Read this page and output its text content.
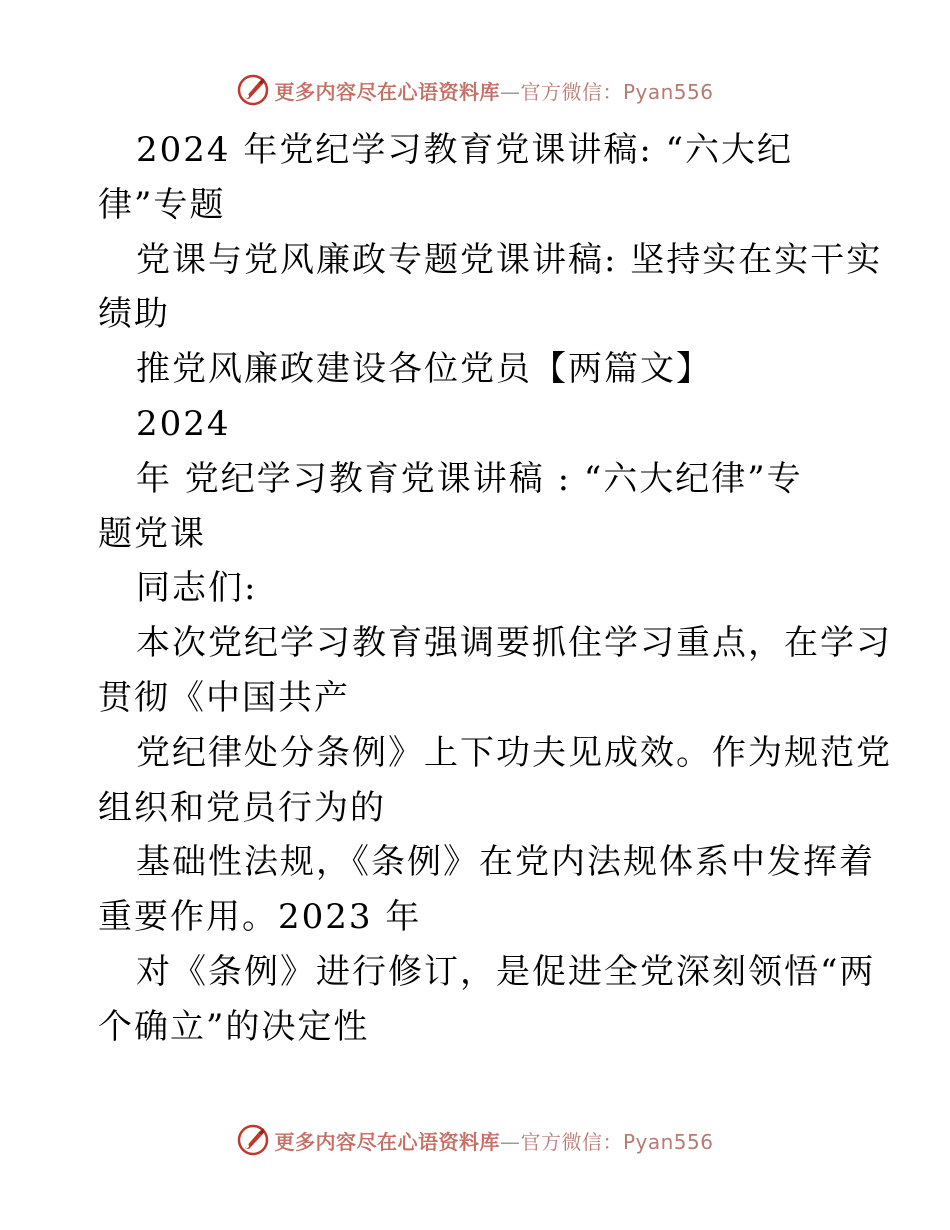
更多内容尽在心语资料库—官方微信：Pyan556
2024 年党纪学习教育党课讲稿: “六大纪
律”专题
党课与党风廉政专题党课讲稿: 坚持实在实干实
绩助
推党风廉政建设各位党员【两篇文】
2024
年 党纪学习教育党课讲稿 : “六大纪律”专
题党课
同志们:
本次党纪学习教育强调要抓住学习重点，在学习
贯彻《中国共产
党纪律处分条例》上下功夫见成效。作为规范党
组织和党员行为的
基础性法规，《条例》在党内法规体系中发挥着
重要作用。2023 年
对《条例》进行修订，是促进全党深刻领悟“两
个确立”的决定性
更多内容尽在心语资料库—官方微信：Pyan556
